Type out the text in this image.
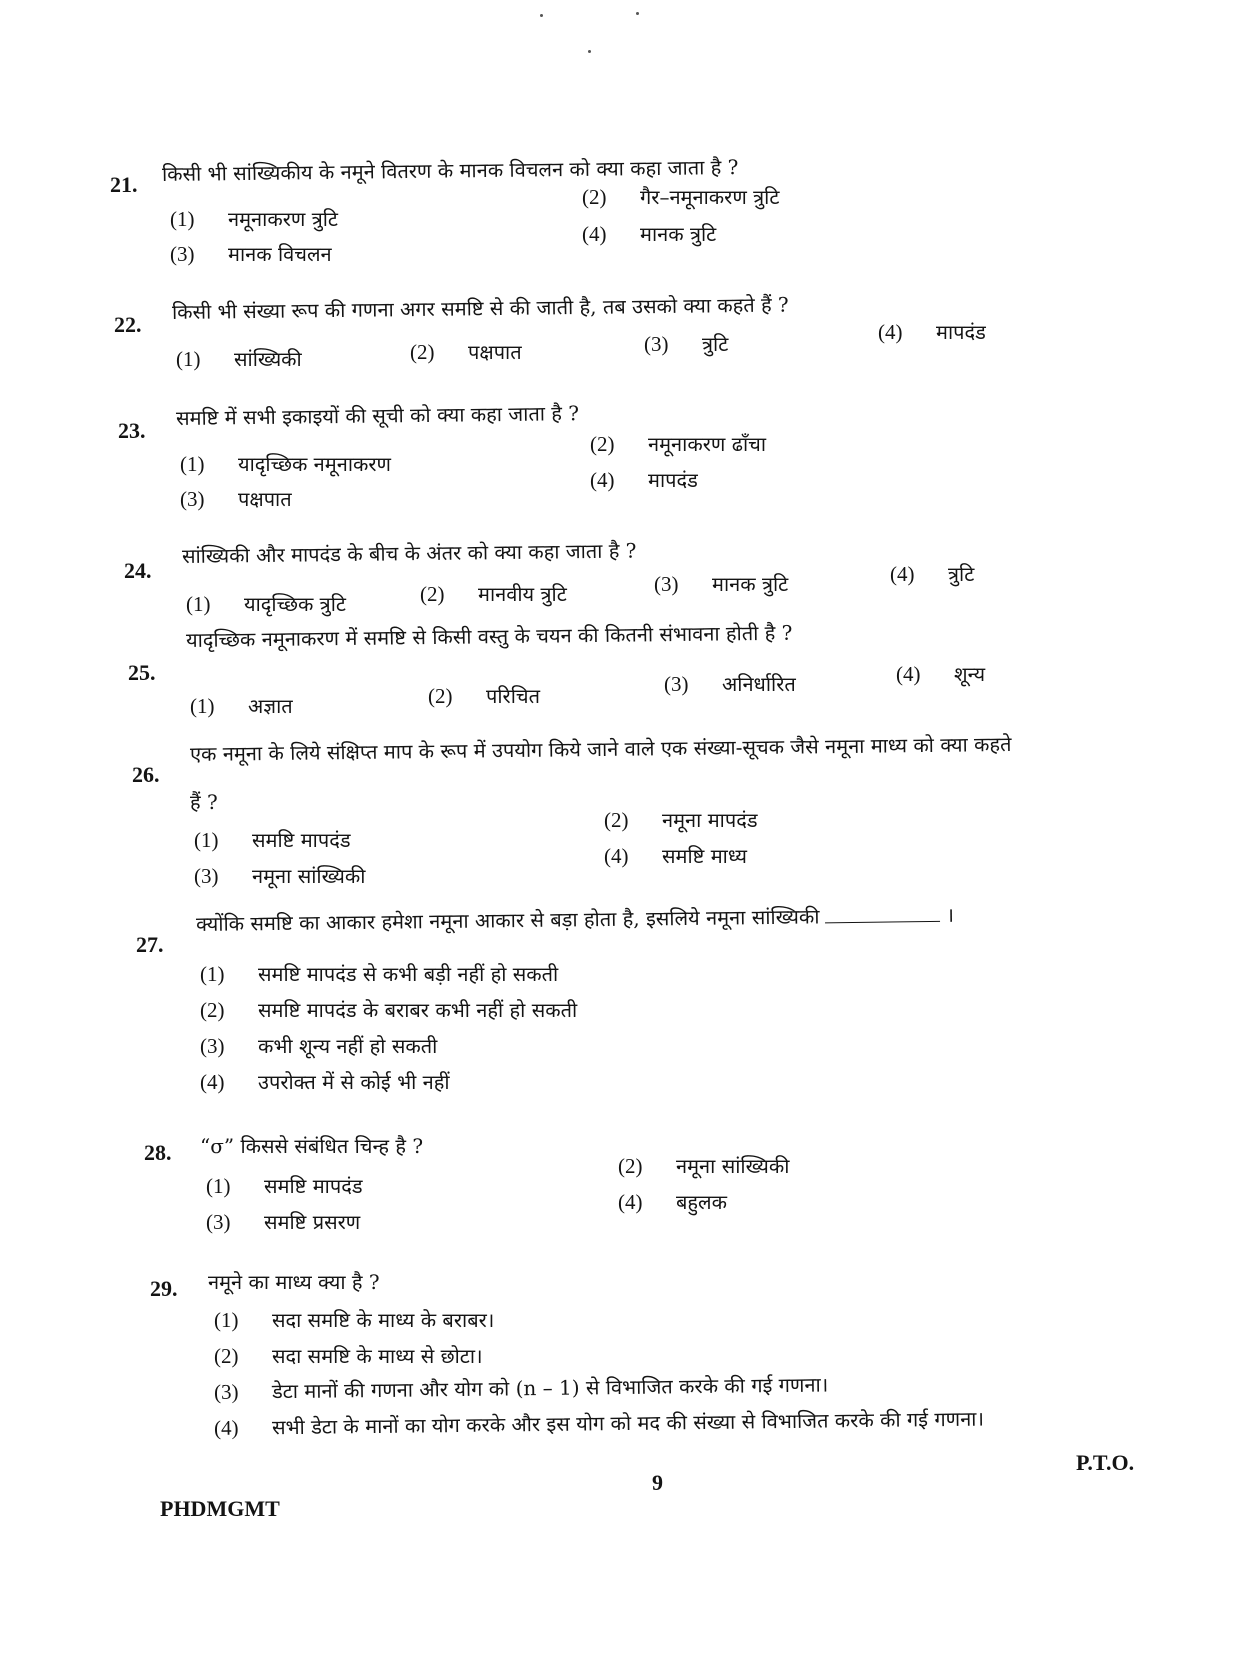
21. किसी भी सांख्यिकीय के नमूने वितरण के मानक विचलन को क्या कहा जाता है ?
(1) नमूनाकरण त्रुटि
(2) गैर–नमूनाकरण त्रुटि
(3) मानक विचलन
(4) मानक त्रुटि
22.
किसी भी संख्या रूप की गणना अगर समष्टि से की जाती है, तब उसको क्या कहते हैं ?
(1) सांख्यिकी	(2) पक्षपात	(3) त्रुटि	(4) मापदंड
23.
समष्टि में सभी इकाइयों की सूची को क्या कहा जाता है ?
(1) यादृच्छिक नमूनाकरण
(2) नमूनाकरण ढाँचा
(3) पक्षपात
(4) मापदंड
24.
सांख्यिकी और मापदंड के बीच के अंतर को क्या कहा जाता है ?
(1) यादृच्छिक त्रुटि	(2) मानवीय त्रुटि	(3) मानक त्रुटि	(4) त्रुटि
25.
यादृच्छिक नमूनाकरण में समष्टि से किसी वस्तु के चयन की कितनी संभावना होती है ?
(1) अज्ञात	(2) परिचित	(3) अनिर्धारित	(4) शून्य
26.
एक नमूना के लिये संक्षिप्त माप के रूप में उपयोग किये जाने वाले एक संख्या-सूचक जैसे नमूना माध्य को क्या कहते
हैं ?
(1) समष्टि मापदंड
(2) नमूना मापदंड
(3) नमूना सांख्यिकी
(4) समष्टि माध्य
27.
क्योंकि समष्टि का आकार हमेशा नमूना आकार से बड़ा होता है, इसलिये नमूना सांख्यिकी	।
(1) समष्टि मापदंड से कभी बड़ी नहीं हो सकती
(2) समष्टि मापदंड के बराबर कभी नहीं हो सकती
(3) कभी शून्य नहीं हो सकती
(4) उपरोक्त में से कोई भी नहीं
28. “σ” किससे संबंधित चिन्ह है ?
(1) समष्टि मापदंड
(2) नमूना सांख्यिकी
(3) समष्टि प्रसरण
(4) बहुलक
29. नमूने का माध्य क्या है ?
(1) सदा समष्टि के माध्य के बराबर।
(2) सदा समष्टि के माध्य से छोटा।
(3) डेटा मानों की गणना और योग को (n – 1) से विभाजित करके की गई गणना।
(4) सभी डेटा के मानों का योग करके और इस योग को मद की संख्या से विभाजित करके की गई गणना।
P.T.O.
9
PHDMGMT
